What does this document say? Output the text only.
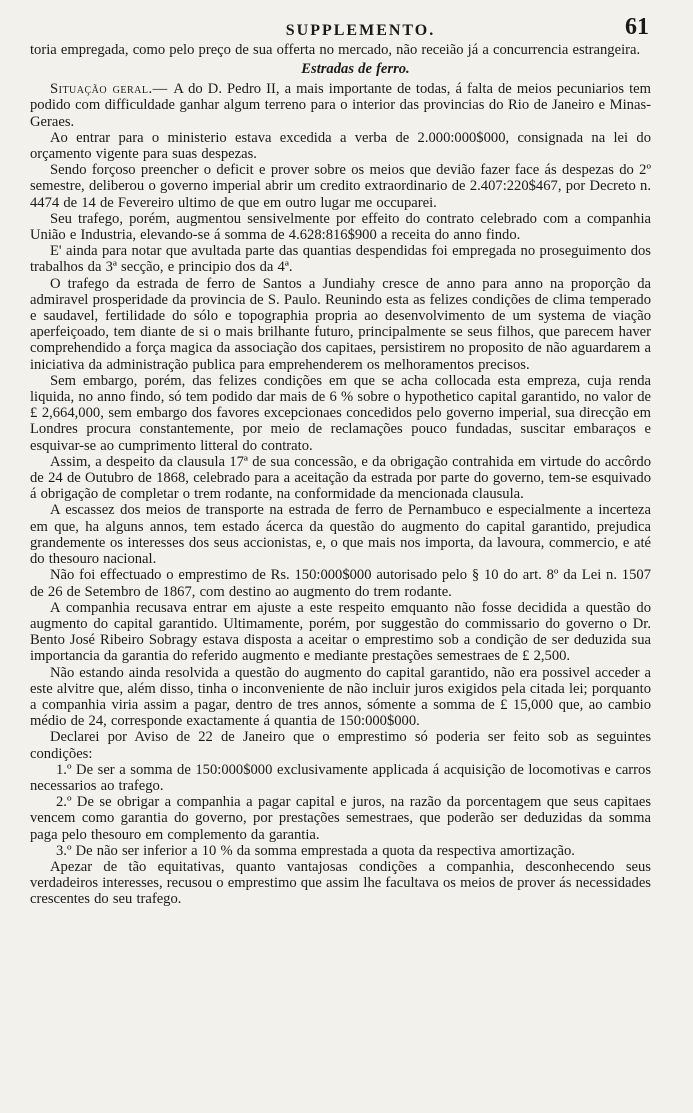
SUPPLEMENTO.	61

toria empregada, como pelo preço de sua offerta no mercado, não receião já a concurrencia estrangeira.

Estradas de ferro.

Situação geral.— A do D. Pedro II, a mais importante de todas, á falta de meios pecuniarios tem podido com difficuldade ganhar algum terreno para o interior das provincias do Rio de Janeiro e Minas-Geraes.

Ao entrar para o ministerio estava excedida a verba de 2.000:000$000, consignada na lei do orçamento vigente para suas despezas.

Sendo forçoso preencher o deficit e prover sobre os meios que devião fazer face ás despezas do 2º semestre, deliberou o governo imperial abrir um credito extraordinario de 2.407:220$467, por Decreto n. 4474 de 14 de Fevereiro ultimo de que em outro lugar me occuparei.

Seu trafego, porém, augmentou sensivelmente por effeito do contrato celebrado com a companhia União e Industria, elevando-se á somma de 4.628:816$900 a receita do anno findo.

E' ainda para notar que avultada parte das quantias despendidas foi empregada no proseguimento dos trabalhos da 3ª secção, e principio dos da 4ª.

O trafego da estrada de ferro de Santos a Jundiahy cresce de anno para anno na proporção da admiravel prosperidade da provincia de S. Paulo. Reunindo esta as felizes condições de clima temperado e saudavel, fertilidade do sólo e topographia propria ao desenvolvimento de um systema de viação aperfeiçoado, tem diante de si o mais brilhante futuro, principalmente se seus filhos, que parecem haver comprehendido a força magica da associação dos capitaes, persistirem no proposito de não aguardarem a iniciativa da administração publica para emprehenderem os melhoramentos precisos.

Sem embargo, porém, das felizes condições em que se acha collocada esta empreza, cuja renda liquida, no anno findo, só tem podido dar mais de 6 % sobre o hypothetico capital garantido, no valor de £ 2,664,000, sem embargo dos favores excepcionaes concedidos pelo governo imperial, sua direcção em Londres procura constantemente, por meio de reclamações pouco fundadas, suscitar embaraços e esquivar-se ao cumprimento litteral do contrato.

Assim, a despeito da clausula 17ª de sua concessão, e da obrigação contrahida em virtude do accôrdo de 24 de Outubro de 1868, celebrado para a aceitação da estrada por parte do governo, tem-se esquivado á obrigação de completar o trem rodante, na conformidade da mencionada clausula.

A escassez dos meios de transporte na estrada de ferro de Pernambuco e especialmente a incerteza em que, ha alguns annos, tem estado ácerca da questão do augmento do capital garantido, prejudica grandemente os interesses dos seus accionistas, e, o que mais nos importa, da lavoura, commercio, e até do thesouro nacional.

Não foi effectuado o emprestimo de Rs. 150:000$000 autorisado pelo § 10 do art. 8º da Lei n. 1507 de 26 de Setembro de 1867, com destino ao augmento do trem rodante.

A companhia recusava entrar em ajuste a este respeito emquanto não fosse decidida a questão do augmento do capital garantido. Ultimamente, porém, por suggestão do commissario do governo o Dr. Bento José Ribeiro Sobragy estava disposta a aceitar o emprestimo sob a condição de ser deduzida sua importancia da garantia do referido augmento e mediante prestações semestraes de £ 2,500.

Não estando ainda resolvida a questão do augmento do capital garantido, não era possivel acceder a este alvitre que, além disso, tinha o inconveniente de não incluir juros exigidos pela citada lei; porquanto a companhia viria assim a pagar, dentro de tres annos, sómente a somma de £ 15,000 que, ao cambio médio de 24, corresponde exactamente á quantia de 150:000$000.

Declarei por Aviso de 22 de Janeiro que o emprestimo só poderia ser feito sob as seguintes condições:

1.º De ser a somma de 150:000$000 exclusivamente applicada á acquisição de locomotivas e carros necessarios ao trafego.

2.º De se obrigar a companhia a pagar capital e juros, na razão da porcentagem que seus capitaes vencem como garantia do governo, por prestações semestraes, que poderão ser deduzidas da somma paga pelo thesouro em complemento da garantia.

3.º De não ser inferior a 10 % da somma emprestada a quota da respectiva amortização.

Apezar de tão equitativas, quanto vantajosas condições a companhia, desconhecendo seus verdadeiros interesses, recusou o emprestimo que assim lhe facultava os meios de prover ás necessidades crescentes do seu trafego.
